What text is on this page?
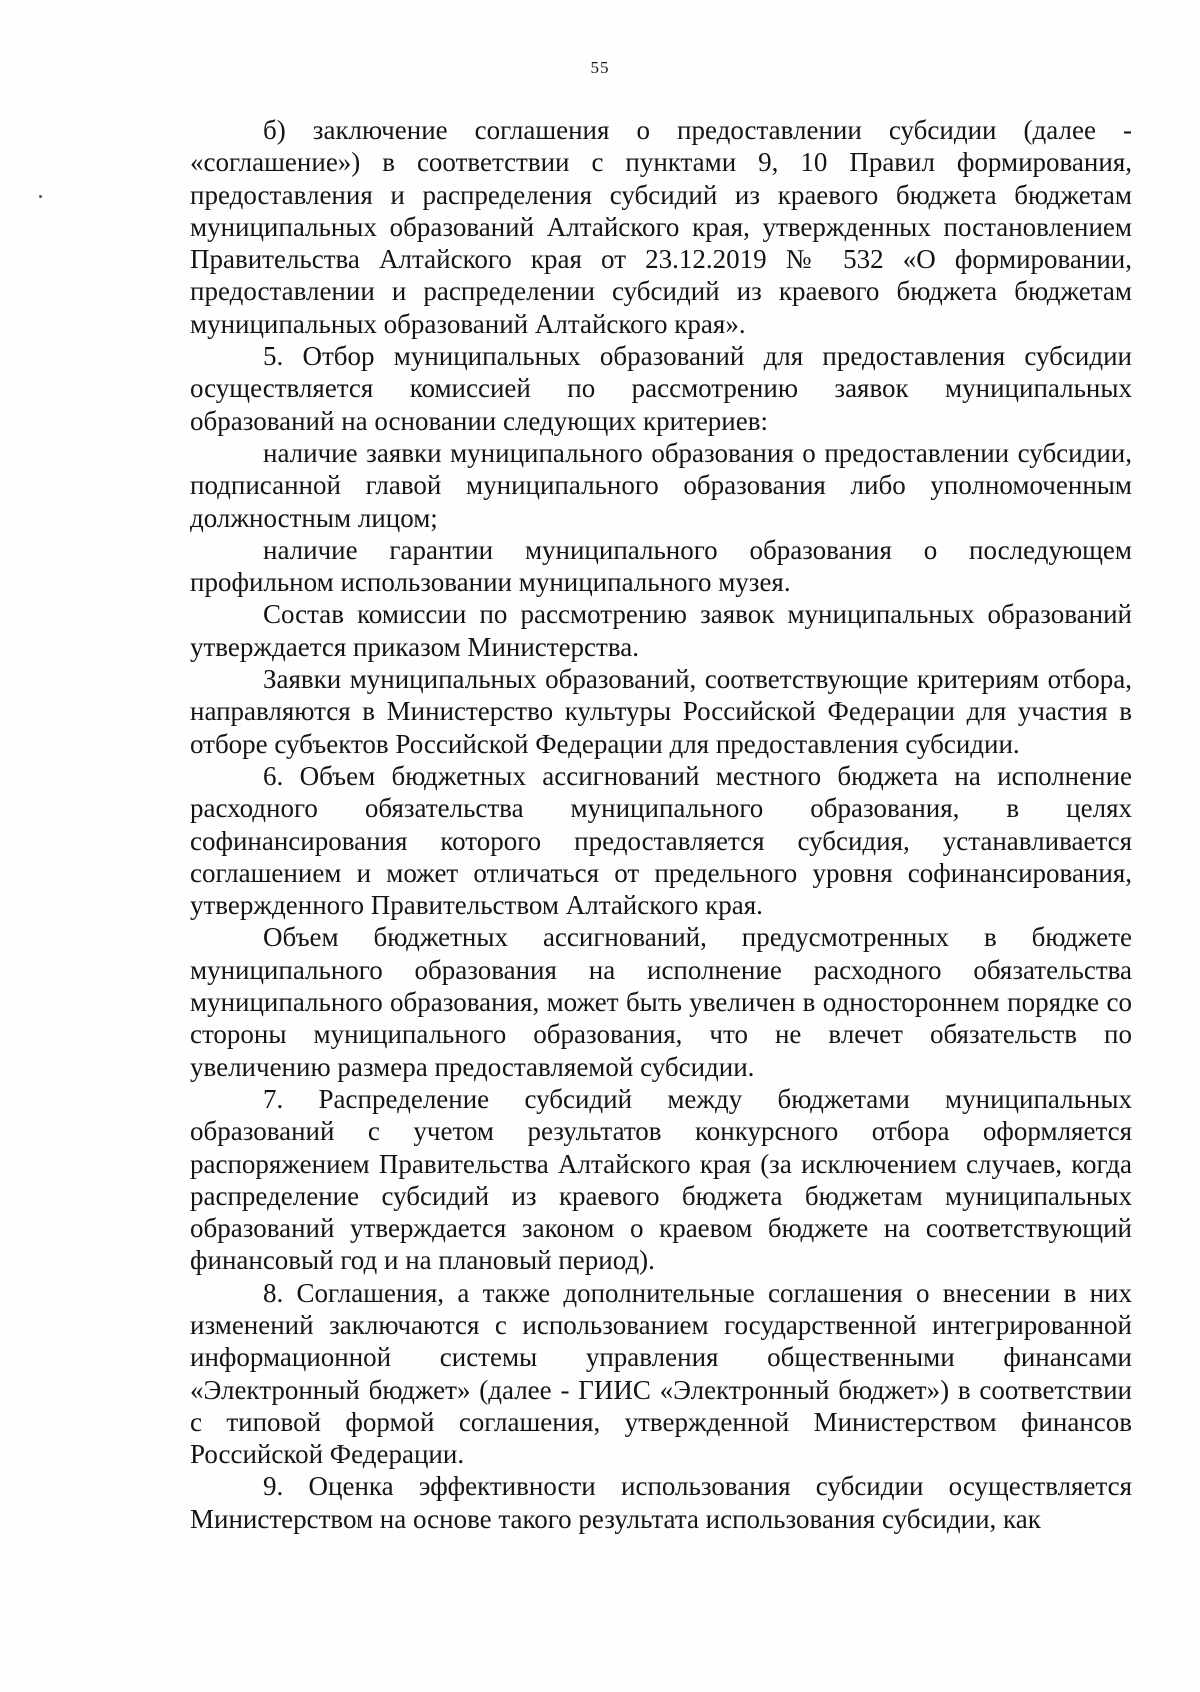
55

б) заключение соглашения о предоставлении субсидии (далее - «соглашение») в соответствии с пунктами 9, 10 Правил формирования, предоставления и распределения субсидий из краевого бюджета бюджетам муниципальных образований Алтайского края, утвержденных постановлением Правительства Алтайского края от 23.12.2019 № 532 «О формировании, предоставлении и распределении субсидий из краевого бюджета бюджетам муниципальных образований Алтайского края».

5. Отбор муниципальных образований для предоставления субсидии осуществляется комиссией по рассмотрению заявок муниципальных образований на основании следующих критериев:

наличие заявки муниципального образования о предоставлении субсидии, подписанной главой муниципального образования либо уполномоченным должностным лицом;

наличие гарантии муниципального образования о последующем профильном использовании муниципального музея.

Состав комиссии по рассмотрению заявок муниципальных образований утверждается приказом Министерства.

Заявки муниципальных образований, соответствующие критериям отбора, направляются в Министерство культуры Российской Федерации для участия в отборе субъектов Российской Федерации для предоставления субсидии.

6. Объем бюджетных ассигнований местного бюджета на исполнение расходного обязательства муниципального образования, в целях софинансирования которого предоставляется субсидия, устанавливается соглашением и может отличаться от предельного уровня софинансирования, утвержденного Правительством Алтайского края.

Объем бюджетных ассигнований, предусмотренных в бюджете муниципального образования на исполнение расходного обязательства муниципального образования, может быть увеличен в одностороннем порядке со стороны муниципального образования, что не влечет обязательств по увеличению размера предоставляемой субсидии.

7. Распределение субсидий между бюджетами муниципальных образований с учетом результатов конкурсного отбора оформляется распоряжением Правительства Алтайского края (за исключением случаев, когда распределение субсидий из краевого бюджета бюджетам муниципальных образований утверждается законом о краевом бюджете на соответствующий финансовый год и на плановый период).

8. Соглашения, а также дополнительные соглашения о внесении в них изменений заключаются с использованием государственной интегрированной информационной системы управления общественными финансами «Электронный бюджет» (далее - ГИИС «Электронный бюджет») в соответствии с типовой формой соглашения, утвержденной Министерством финансов Российской Федерации.

9. Оценка эффективности использования субсидии осуществляется Министерством на основе такого результата использования субсидии, как
